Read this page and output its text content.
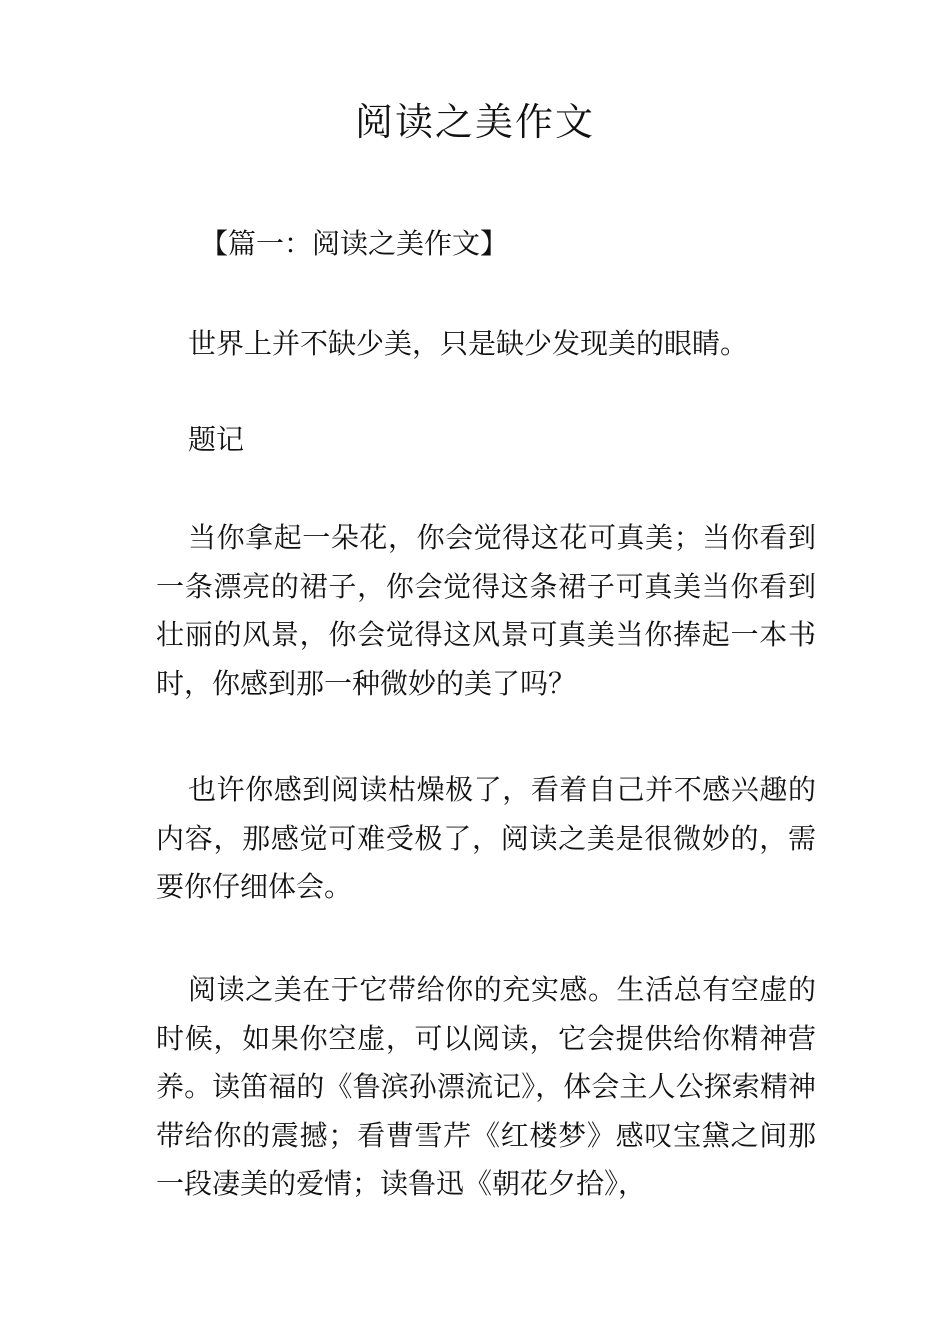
阅读之美作文

【篇一：阅读之美作文】

世界上并不缺少美，只是缺少发现美的眼睛。

题记

当你拿起一朵花，你会觉得这花可真美；当你看到一条漂亮的裙子，你会觉得这条裙子可真美当你看到壮丽的风景，你会觉得这风景可真美当你捧起一本书时，你感到那一种微妙的美了吗？

也许你感到阅读枯燥极了，看着自己并不感兴趣的内容，那感觉可难受极了，阅读之美是很微妙的，需要你仔细体会。

阅读之美在于它带给你的充实感。生活总有空虚的时候，如果你空虚，可以阅读，它会提供给你精神营养。读笛福的《鲁滨孙漂流记》，体会主人公探索精神带给你的震撼；看曹雪芹《红楼梦》感叹宝黛之间那一段凄美的爱情；读鲁迅《朝花夕拾》，
